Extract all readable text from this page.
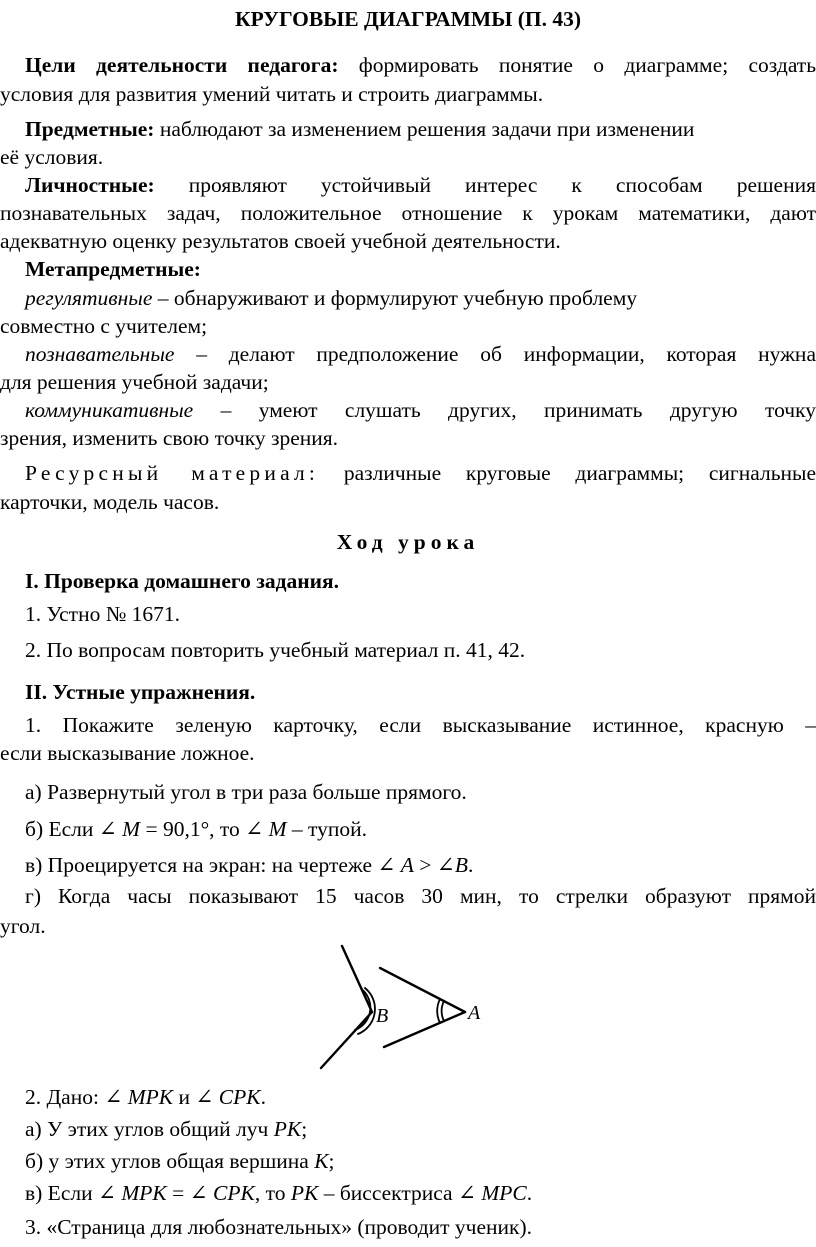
КРУГОВЫЕ ДИАГРАММЫ (П. 43)
Цели деятельности педагога: формировать понятие о диаграмме; создать
условия для развития умений читать и строить диаграммы.
Предметные: наблюдают за изменением решения задачи при изменении
её условия.
Личностные: проявляют устойчивый интерес к способам решения
познавательных задач, положительное отношение к урокам математики, дают
адекватную оценку результатов своей учебной деятельности.
Метапредметные:
регулятивные – обнаруживают и формулируют учебную проблему
совместно с учителем;
познавательные – делают предположение об информации, которая нужна
для решения учебной задачи;
коммуникативные – умеют слушать других, принимать другую точку
зрения, изменить свою точку зрения.
Ресурсный материал: различные круговые диаграммы; сигнальные
карточки, модель часов.
Ход урока
I. Проверка домашнего задания.
1. Устно № 1671.
2. По вопросам повторить учебный материал п. 41, 42.
II. Устные упражнения.
1. Покажите зеленую карточку, если высказывание истинное, красную –
если высказывание ложное.
а) Развернутый угол в три раза больше прямого.
б) Если ∠ M = 90,1°, то ∠ M – тупой.
в) Проецируется на экран: на чертеже ∠ A > ∠B.
г) Когда часы показывают 15 часов 30 мин, то стрелки образуют прямой
угол.
B	A
2. Дано: ∠ MPK и ∠ CPK.
а) У этих углов общий луч PK;
б) у этих углов общая вершина K;
в) Если ∠ MPK = ∠ CPK, то PK – биссектриса ∠ MPC.
3. «Страница для любознательных» (проводит ученик).
